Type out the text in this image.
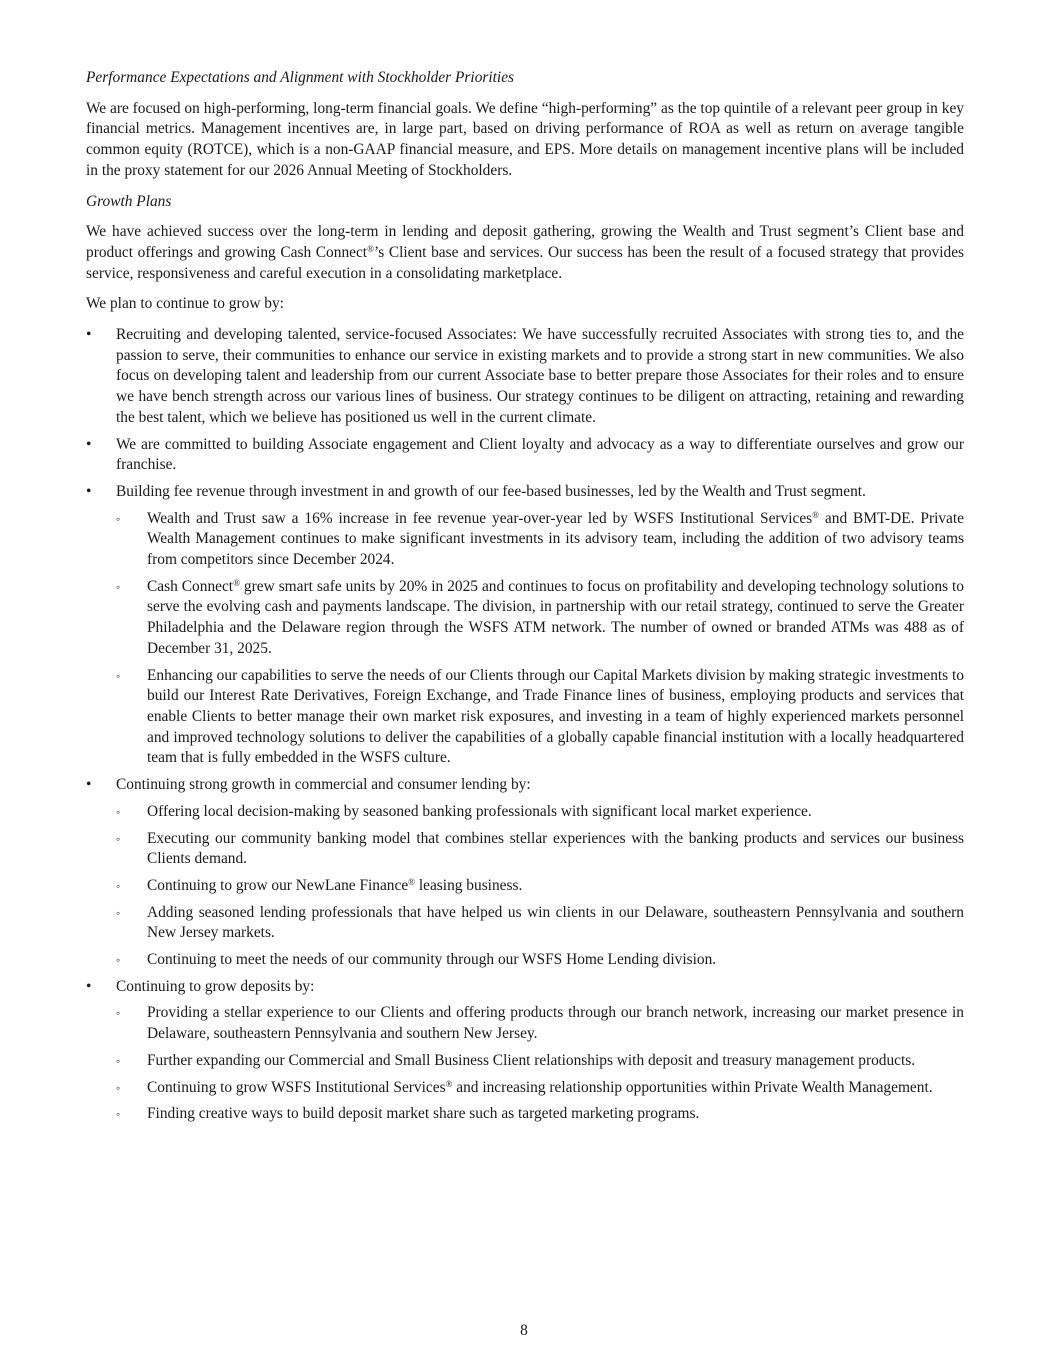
Performance Expectations and Alignment with Stockholder Priorities

We are focused on high-performing, long-term financial goals. We define “high-performing” as the top quintile of a relevant peer group in key financial metrics. Management incentives are, in large part, based on driving performance of ROA as well as return on average tangible common equity (ROTCE), which is a non-GAAP financial measure, and EPS. More details on management incentive plans will be included in the proxy statement for our 2026 Annual Meeting of Stockholders.

Growth Plans

We have achieved success over the long-term in lending and deposit gathering, growing the Wealth and Trust segment’s Client base and product offerings and growing Cash Connect®’s Client base and services. Our success has been the result of a focused strategy that provides service, responsiveness and careful execution in a consolidating marketplace.

We plan to continue to grow by:

• Recruiting and developing talented, service-focused Associates: We have successfully recruited Associates with strong ties to, and the passion to serve, their communities to enhance our service in existing markets and to provide a strong start in new communities. We also focus on developing talent and leadership from our current Associate base to better prepare those Associates for their roles and to ensure we have bench strength across our various lines of business. Our strategy continues to be diligent on attracting, retaining and rewarding the best talent, which we believe has positioned us well in the current climate.
• We are committed to building Associate engagement and Client loyalty and advocacy as a way to differentiate ourselves and grow our franchise.
• Building fee revenue through investment in and growth of our fee-based businesses, led by the Wealth and Trust segment.
◦ Wealth and Trust saw a 16% increase in fee revenue year-over-year led by WSFS Institutional Services® and BMT-DE. Private Wealth Management continues to make significant investments in its advisory team, including the addition of two advisory teams from competitors since December 2024.
◦ Cash Connect® grew smart safe units by 20% in 2025 and continues to focus on profitability and developing technology solutions to serve the evolving cash and payments landscape. The division, in partnership with our retail strategy, continued to serve the Greater Philadelphia and the Delaware region through the WSFS ATM network. The number of owned or branded ATMs was 488 as of December 31, 2025.
◦ Enhancing our capabilities to serve the needs of our Clients through our Capital Markets division by making strategic investments to build our Interest Rate Derivatives, Foreign Exchange, and Trade Finance lines of business, employing products and services that enable Clients to better manage their own market risk exposures, and investing in a team of highly experienced markets personnel and improved technology solutions to deliver the capabilities of a globally capable financial institution with a locally headquartered team that is fully embedded in the WSFS culture.
• Continuing strong growth in commercial and consumer lending by:
◦ Offering local decision-making by seasoned banking professionals with significant local market experience.
◦ Executing our community banking model that combines stellar experiences with the banking products and services our business Clients demand.
◦ Continuing to grow our NewLane Finance® leasing business.
◦ Adding seasoned lending professionals that have helped us win clients in our Delaware, southeastern Pennsylvania and southern New Jersey markets.
◦ Continuing to meet the needs of our community through our WSFS Home Lending division.
• Continuing to grow deposits by:
◦ Providing a stellar experience to our Clients and offering products through our branch network, increasing our market presence in Delaware, southeastern Pennsylvania and southern New Jersey.
◦ Further expanding our Commercial and Small Business Client relationships with deposit and treasury management products.
◦ Continuing to grow WSFS Institutional Services® and increasing relationship opportunities within Private Wealth Management.
◦ Finding creative ways to build deposit market share such as targeted marketing programs.
8
